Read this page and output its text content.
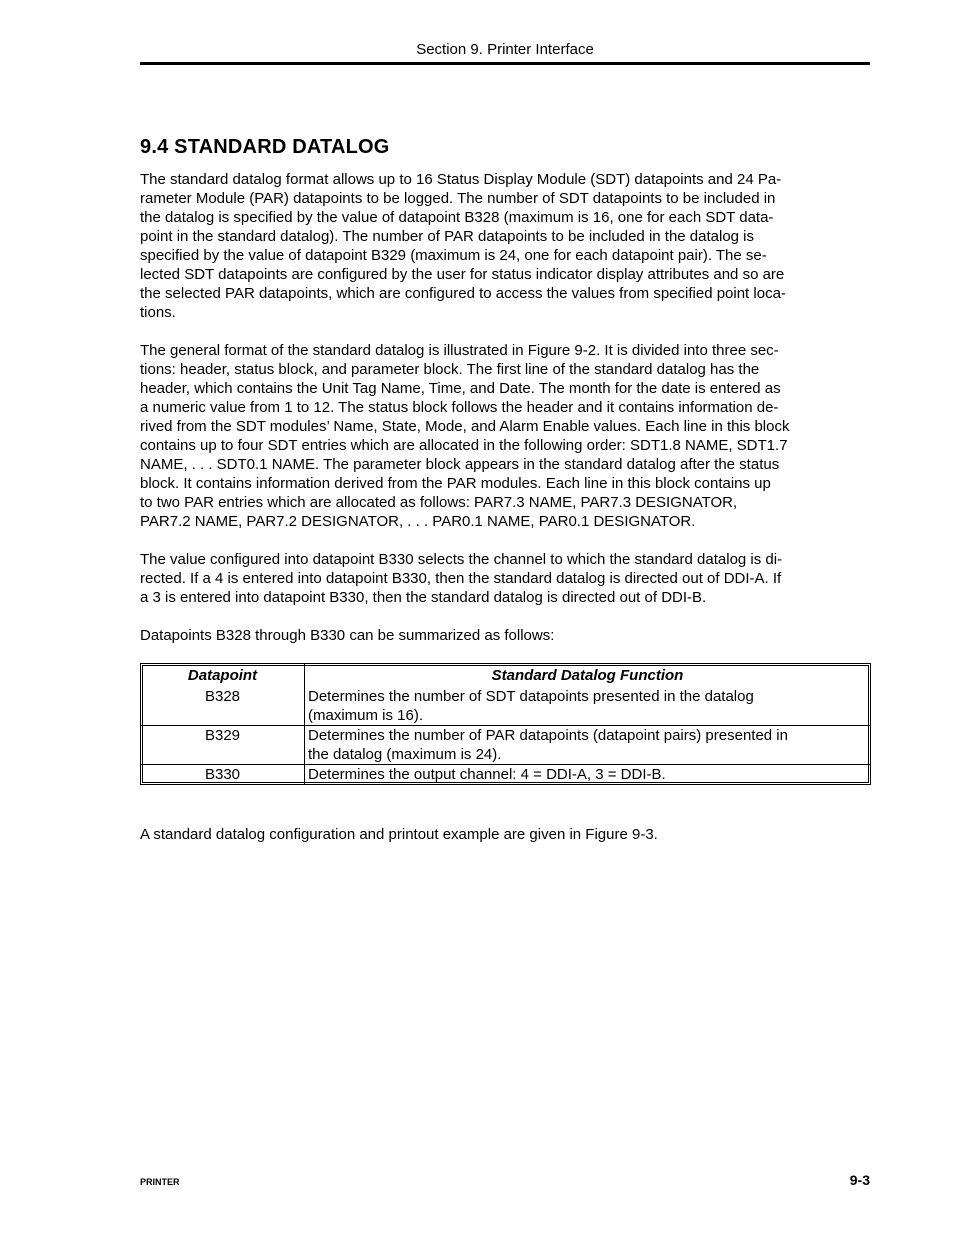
Section 9. Printer Interface
9.4 STANDARD DATALOG

The standard datalog format allows up to 16 Status Display Module (SDT) datapoints and 24 Pa-
rameter Module (PAR) datapoints to be logged. The number of SDT datapoints to be included in
the datalog is specified by the value of datapoint B328 (maximum is 16, one for each SDT data-
point in the standard datalog). The number of PAR datapoints to be included in the datalog is
specified by the value of datapoint B329 (maximum is 24, one for each datapoint pair). The se-
lected SDT datapoints are configured by the user for status indicator display attributes and so are
the selected PAR datapoints, which are configured to access the values from specified point loca-
tions.

The general format of the standard datalog is illustrated in Figure 9-2. It is divided into three sec-
tions: header, status block, and parameter block. The first line of the standard datalog has the
header, which contains the Unit Tag Name, Time, and Date. The month for the date is entered as
a numeric value from 1 to 12. The status block follows the header and it contains information de-
rived from the SDT modules’ Name, State, Mode, and Alarm Enable values. Each line in this block
contains up to four SDT entries which are allocated in the following order: SDT1.8 NAME, SDT1.7
NAME, . . . SDT0.1 NAME. The parameter block appears in the standard datalog after the status
block. It contains information derived from the PAR modules. Each line in this block contains up
to two PAR entries which are allocated as follows: PAR7.3 NAME, PAR7.3 DESIGNATOR,
PAR7.2 NAME, PAR7.2 DESIGNATOR, . . . PAR0.1 NAME, PAR0.1 DESIGNATOR.

The value configured into datapoint B330 selects the channel to which the standard datalog is di-
rected. If a 4 is entered into datapoint B330, then the standard datalog is directed out of DDI-A. If
a 3 is entered into datapoint B330, then the standard datalog is directed out of DDI-B.

Datapoints B328 through B330 can be summarized as follows:

Datapoint	Standard Datalog Function
B328	Determines the number of SDT datapoints presented in the datalog
(maximum is 16).

B329	Determines the number of PAR datapoints (datapoint pairs) presented in
the datalog (maximum is 24).

B330	Determines the output channel: 4 = DDI-A, 3 = DDI-B.

A standard datalog configuration and printout example are given in Figure 9-3.

PRINTER	9-3
